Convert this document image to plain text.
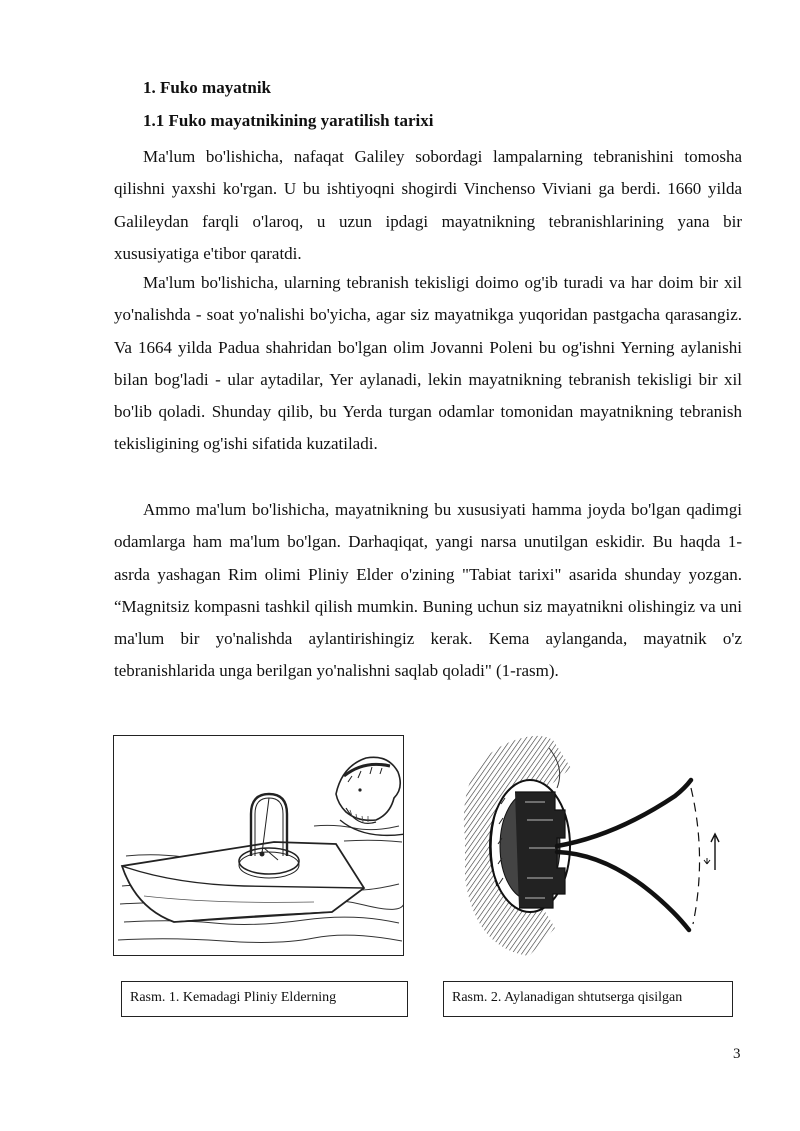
1. Fuko mayatnik
1.1 Fuko mayatnikining yaratilish tarixi

Ma'lum bo'lishicha, nafaqat Galiley sobordagi lampalarning tebranishini tomosha qilishni yaxshi ko'rgan. U bu ishtiyoqni shogirdi Vinchenso Viviani ga berdi. 1660 yilda Galileydan farqli o'laroq, u uzun ipdagi mayatnikning tebranishlarining yana bir xususiyatiga e'tibor qaratdi.

Ma'lum bo'lishicha, ularning tebranish tekisligi doimo og'ib turadi va har doim bir xil yo'nalishda - soat yo'nalishi bo'yicha, agar siz mayatnikga yuqoridan pastgacha qarasangiz. Va 1664 yilda Padua shahridan bo'lgan olim Jovanni Poleni bu og'ishni Yerning aylanishi bilan bog'ladi - ular aytadilar, Yer aylanadi, lekin mayatnikning tebranish tekisligi bir xil bo'lib qoladi. Shunday qilib, bu Yerda turgan odamlar tomonidan mayatnikning tebranish tekisligining og'ishi sifatida kuzatiladi.

Ammo ma'lum bo'lishicha, mayatnikning bu xususiyati hamma joyda bo'lgan qadimgi odamlarga ham ma'lum bo'lgan. Darhaqiqat, yangi narsa unutilgan eskidir. Bu haqda 1-asrda yashagan Rim olimi Pliniy Elder o'zining "Tabiat tarixi" asarida shunday yozgan. “Magnitsiz kompasni tashkil qilish mumkin. Buning uchun siz mayatnikni olishingiz va uni ma'lum bir yo'nalishda aylantirishingiz kerak. Kema aylanganda, mayatnik o'z tebranishlarida unga berilgan yo'nalishni saqlab qoladi" (1-rasm).

Rasm. 1. Kemadagi Pliniy Elderning	Rasm. 2. Aylanadigan shtutserga qisilgan
3
